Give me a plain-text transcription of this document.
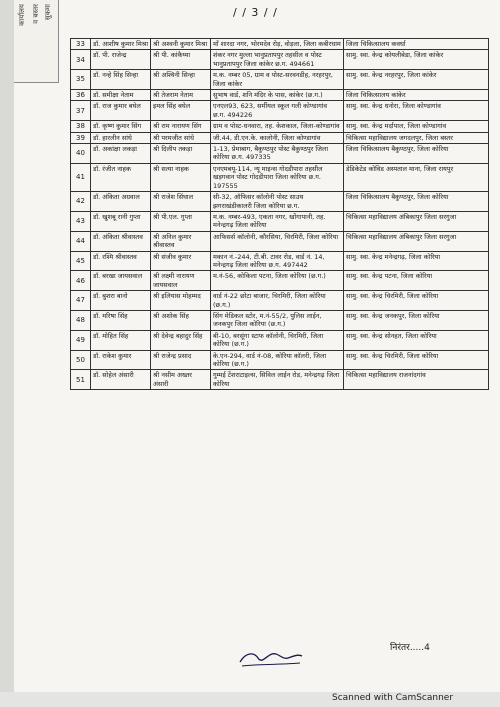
कार्यालय व बस्तर सुकमा	/ / 3 / /
33	डॉ. आशीष कुमार मिश्रा	श्री अश्वनी कुमार मिश्रा	माँ शारदा नगर, भोरमदेव रोड़, वोड़ला, जिला कबीरधाम	जिला चिकित्सालय कवर्धा
34	डॉ. पी. राजेन्द्र	श्री पी. कांकैय्या	शंकर नगर मुल्ला भानुप्रतापपुर तहसील व पोस्ट भानुप्रतापपुर जिला कांकेर छ.ग. 494661	सामु. स्वा. केन्द्र कोयलीबेडा, जिला कांकेर
35	डॉ. नन्हे सिंह सिन्हा	श्री अश्विनी सिन्हा	म.क. नम्बर 05, ग्राम व पोस्ट-सरवनडीह, नरहरपुर, जिला कांकेर	सामु. स्वा. केन्द्र नरहरपुर, जिला कांकेर
36	डॉ. समीक्षा नेताम	श्री तेजराम नेताम	सुभाष वार्ड, शनि मंदिर के पास, कांकेर (छ.ग.)	जिला चिकित्सालय कांकेर
37	डॉ. राज कुमार बघेल	इमल सिंह बघेल	एनएल93, 623, सर्मीयल स्कूल गली कोण्डागांव छ.ग. 494226	सामु. स्वा. केन्द्र धनोरा, जिला कोण्डागांव
38	डॉ. कृष्ण कुमार सिंग	श्री राम नारायण सिंग	ग्राम व पोस्ट-धनवारा, तह. केशकाल, जिला-कोण्डागांव	सामु. स्वा. केन्द्र मर्दापाल, जिला कोण्डागांव
39	डॉ. हारलीन सांधे	श्री परमजीत सांधे	जी.44, डी.एन.के. कालोनी, जिला कोण्डागांव	चिकित्सा महाविद्यालय जगदलपुर, जिला बस्तर
40	डॉ. अकांक्षा लकड़ा	श्री दिलीप तकड़ा	1-13, प्रेमाबाग, बैकुण्ठपुर पोस्ट बैकुण्ठपुर जिला कोरिया छ.ग. 497335	जिला चिकित्सालय बैकुण्ठपुर, जिला कोरिया
41	डॉ. रंजीत नाहक	श्री सत्या नाहक	एनएमबयू-114, न्यू माइन्स गोदडीपारा तहसील खड़गवान पोस्ट गोदडीपारा जिला कोरिया छ.ग. 197555	डेडिकेटेड कोविड अस्पताल माना, जिला रायपुर
42	डॉ. अंकिता अग्रवाल	श्री राजेश सिंघाल	सी-32, ऑफिसर कॉलोनी पोस्ट साउथ झगराखंडीकालरी जिला कोरिया छ.ग.	जिला चिकित्सालय बैकुण्ठपुर, जिला कोरिया
43	डॉ. खुशबू रानी गुप्ता	श्री पी.एल. गुप्ता	म.क. नम्बर-493, एकता नगर, खोंगापानी, तह. मनेन्द्रगढ़ जिला कोरिया	चिकित्सा महाविद्यालय अंबिकापुर जिला सरगुजा
44	डॉ. अंकिता श्रीवास्तव	श्री अनिल कुमार श्रीवास्तव	आफिसर्स कॉलोनी, कौरसिया, चिरमिरी, जिला कोरिया	चिकित्सा महाविद्यालय अंबिकापुर जिला सरगुजा
45	डॉ. रश्मि श्रीवास्तव	श्री संजीव कुमार	मकान नं.-244, टी.बी. टावर रोड, वार्ड नं. 14, मनेन्द्रगढ़ जिला कोरिया छ.ग. 497442	सामु. स्वा. केन्द्र मनेन्द्रगढ़, जिला कोरिया
46	डॉ. बरखा जायसवाल	श्री लक्ष्मी नारायण जायसवाल	म.नं-56, कोकिला पटना, जिला कोरिया (छ.ग.)	सामु. स्वा. केन्द्र पटना, जिला कोरिया
47	डॉ. बुशरा बानो	श्री इलियास मोहम्मद	वार्ड नं-22 छोटा बाजार, चिरमिरी, जिला कोरिया (छ.ग.)	सामु. स्वा. केन्द्र चिरमिरी, जिला कोरिया
48	डॉ. मरिषा सिंह	श्री अशोक सिंह	सिंग मेडिकल स्टोर, म.नं-55/2, पुलिस लाईन, जनकपुर जिला कोरिया (छ.ग.)	सामु. स्वा. केन्द्र जनकपुर, जिला कोरिया
49	डॉ. मोहित सिंह	श्री देवेन्द्र बहादुर सिंह	बी-10, बरसूंगा स्टाफ कॉलोनी, चिरमिरी, जिला कोरिया (छ.ग.)	सामु. स्वा. केन्द्र सोनहत, जिला कोरिया
50	डॉ. राकेश कुमार	श्री राजेन्द्र प्रसाद	के.एन-294, वार्ड नं-08, कोरिया कॉलरी, जिला कोरिया (छ.ग.)	सामु. स्वा. केन्द्र चिरमिरी, जिला कोरिया
51	डॉ. सोहेल अंसारी	श्री नसीम अख्तर अंसारी	गुम्मई टेंशराटाइल्स, सिविल लाईन रोड, मनेन्द्रगढ़ जिला कोरिया	चिकित्सा महाविद्यालय राजनांदगांव
निरंतर.....4
Scanned with CamScanner
